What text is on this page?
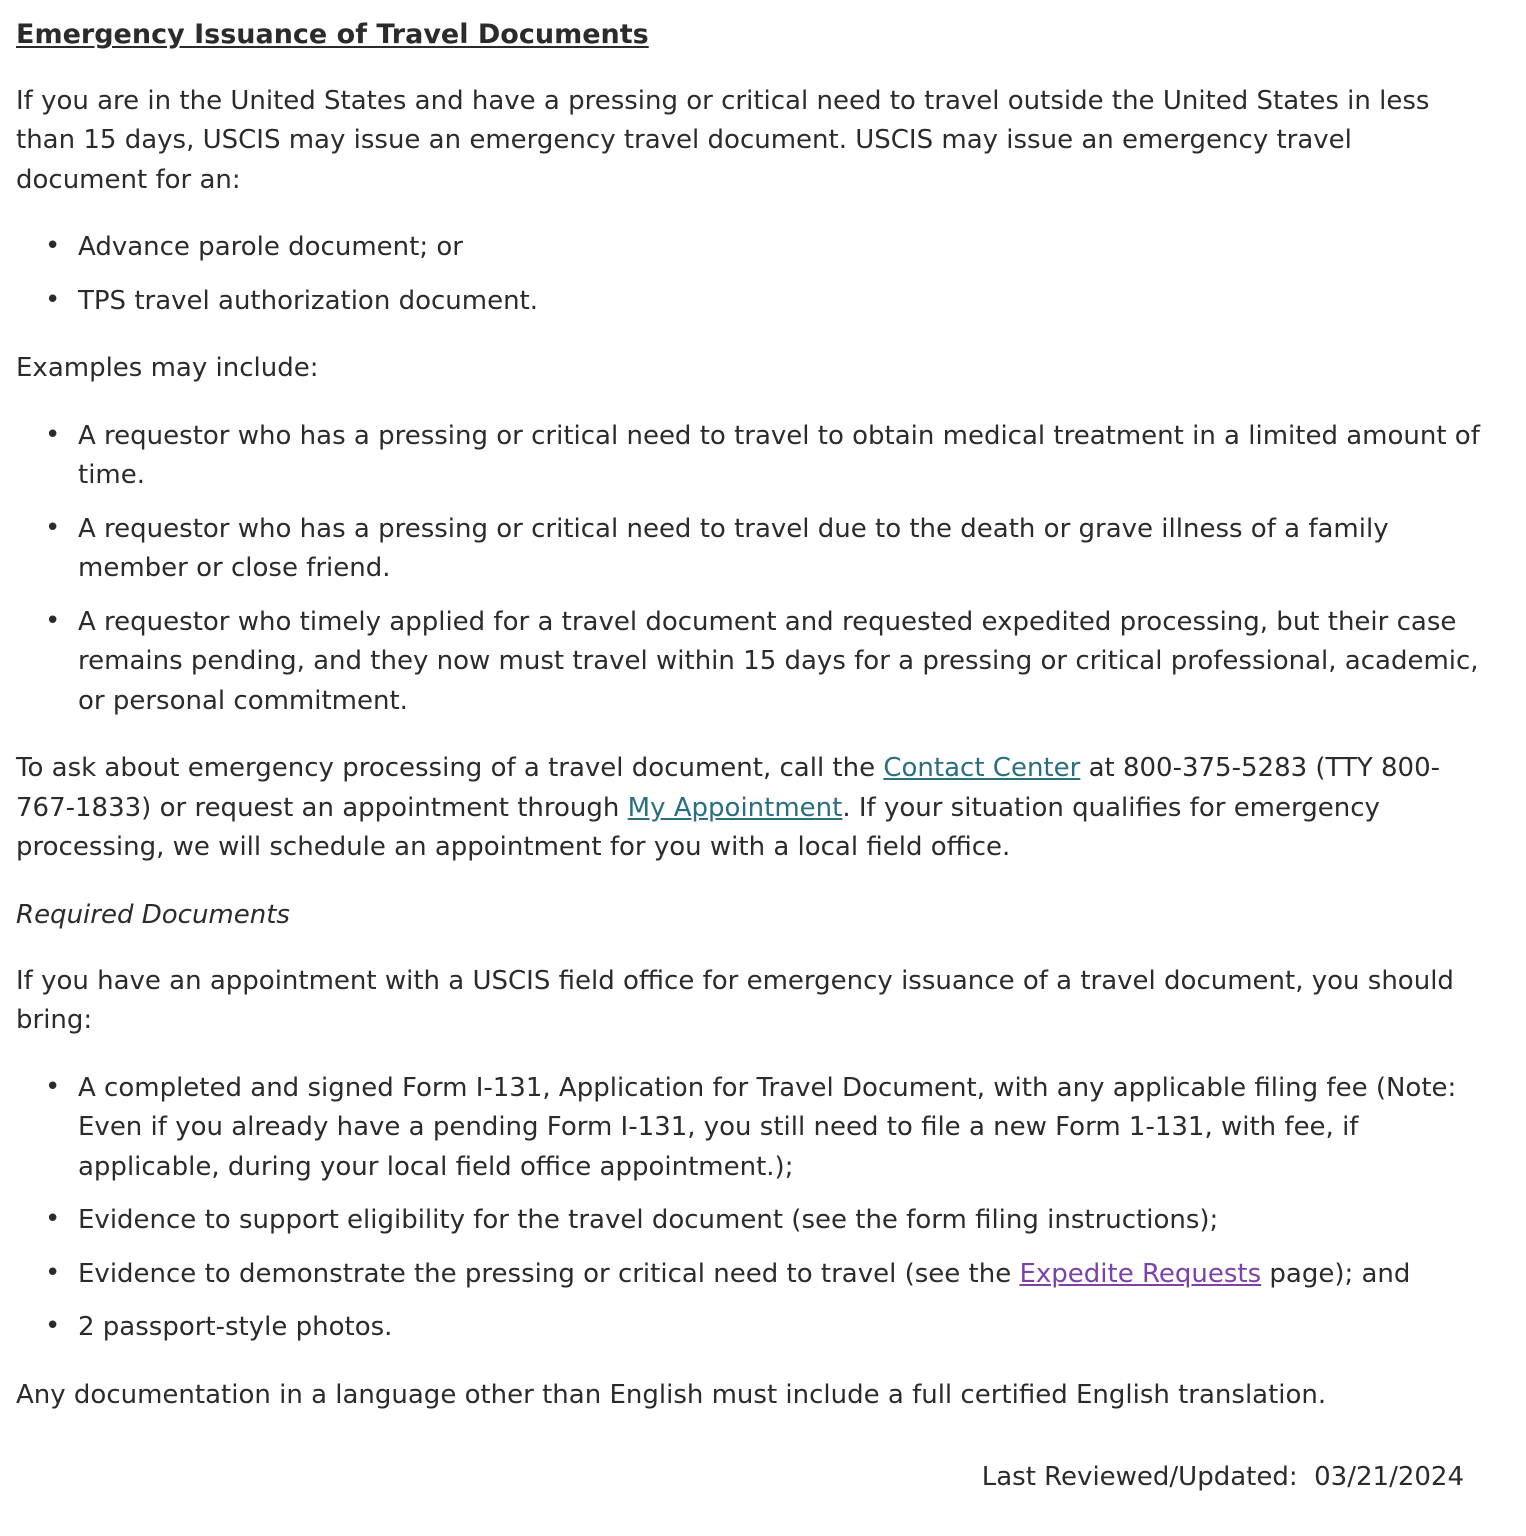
Emergency Issuance of Travel Documents

If you are in the United States and have a pressing or critical need to travel outside the United States in less than 15 days, USCIS may issue an emergency travel document. USCIS may issue an emergency travel document for an:

• Advance parole document; or
• TPS travel authorization document.

Examples may include:

• A requestor who has a pressing or critical need to travel to obtain medical treatment in a limited amount of time.
• A requestor who has a pressing or critical need to travel due to the death or grave illness of a family member or close friend.
• A requestor who timely applied for a travel document and requested expedited processing, but their case remains pending, and they now must travel within 15 days for a pressing or critical professional, academic, or personal commitment.

To ask about emergency processing of a travel document, call the Contact Center at 800-375-5283 (TTY 800-767-1833) or request an appointment through My Appointment. If your situation qualifies for emergency processing, we will schedule an appointment for you with a local field office.

Required Documents

If you have an appointment with a USCIS field office for emergency issuance of a travel document, you should bring:

• A completed and signed Form I-131, Application for Travel Document, with any applicable filing fee (Note: Even if you already have a pending Form I-131, you still need to file a new Form 1-131, with fee, if applicable, during your local field office appointment.);
• Evidence to support eligibility for the travel document (see the form filing instructions);
• Evidence to demonstrate the pressing or critical need to travel (see the Expedite Requests page); and
• 2 passport-style photos.

Any documentation in a language other than English must include a full certified English translation.

Last Reviewed/Updated: 03/21/2024
